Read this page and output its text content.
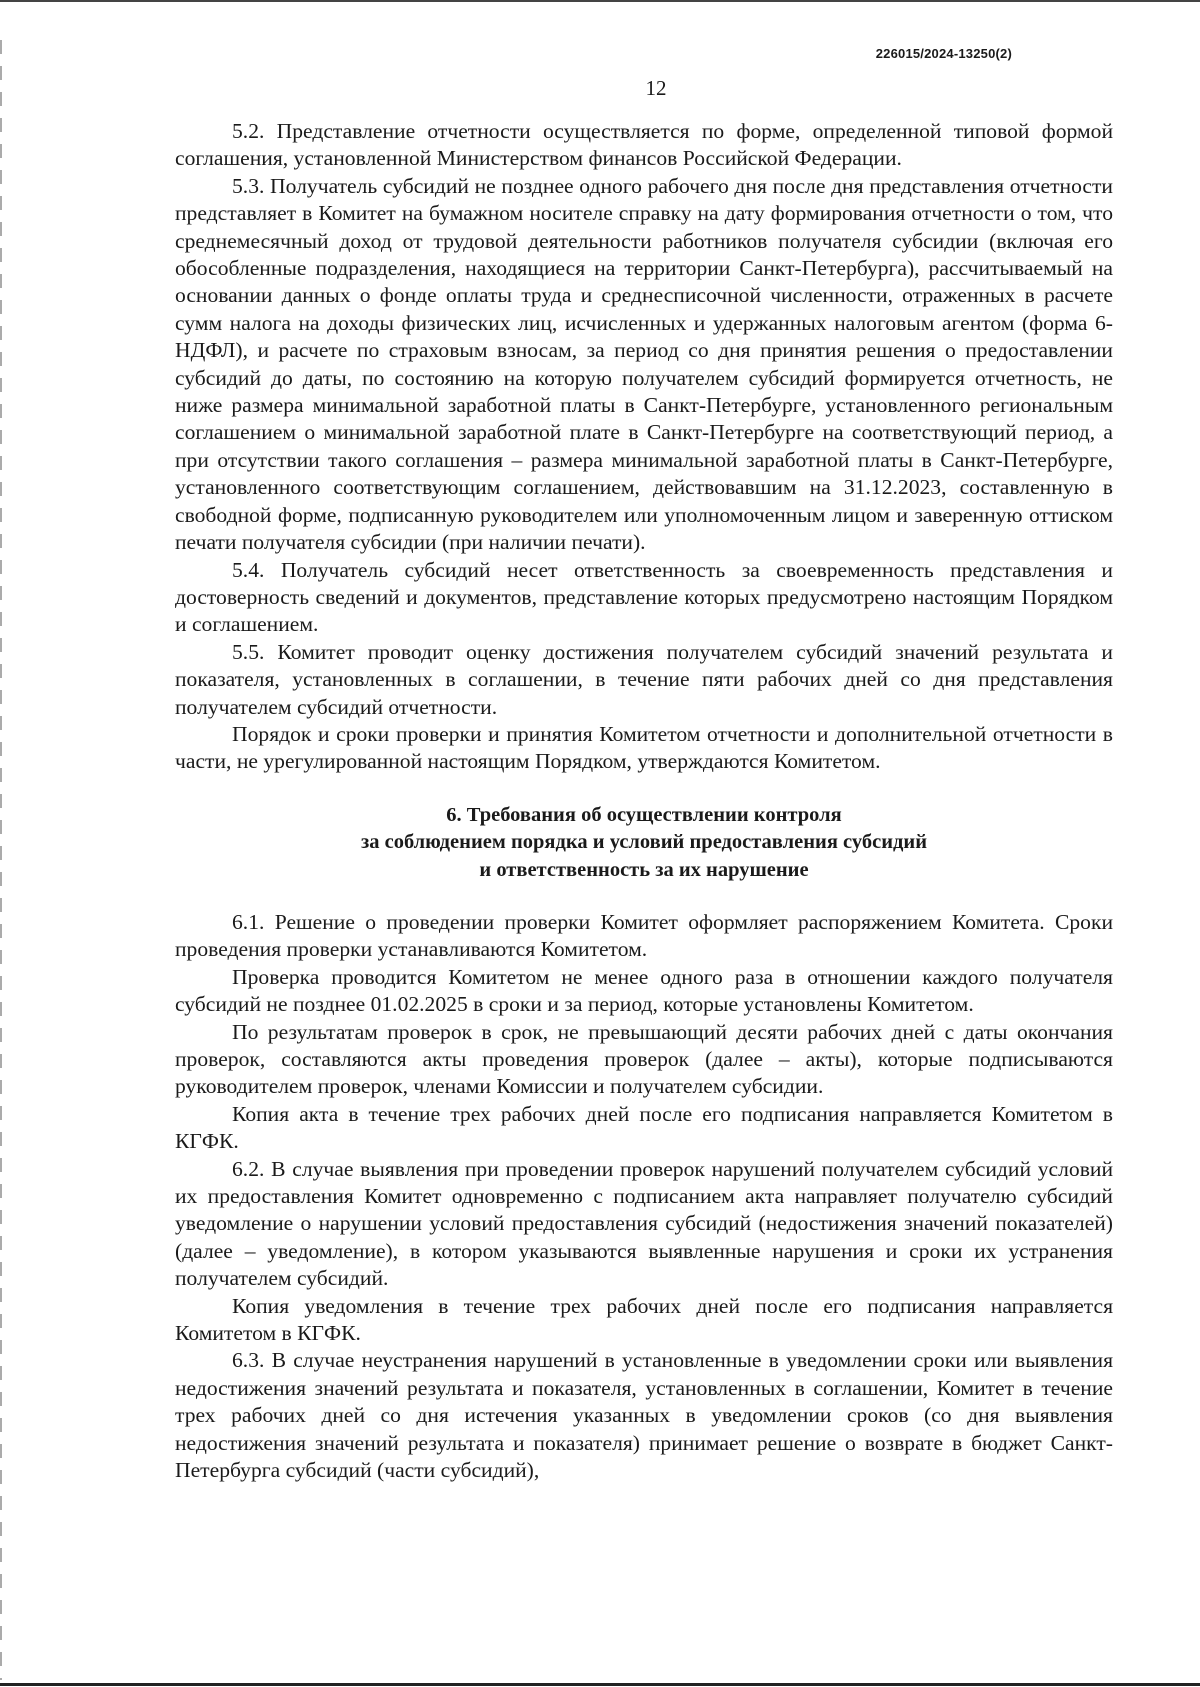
226015/2024-13250(2)
12

5.2. Представление отчетности осуществляется по форме, определенной типовой формой соглашения, установленной Министерством финансов Российской Федерации.

5.3. Получатель субсидий не позднее одного рабочего дня после дня представления отчетности представляет в Комитет на бумажном носителе справку на дату формирования отчетности о том, что среднемесячный доход от трудовой деятельности работников получателя субсидии (включая его обособленные подразделения, находящиеся на территории Санкт-Петербурга), рассчитываемый на основании данных о фонде оплаты труда и среднесписочной численности, отраженных в расчете сумм налога на доходы физических лиц, исчисленных и удержанных налоговым агентом (форма 6-НДФЛ), и расчете по страховым взносам, за период со дня принятия решения о предоставлении субсидий до даты, по состоянию на которую получателем субсидий формируется отчетность, не ниже размера минимальной заработной платы в Санкт-Петербурге, установленного региональным соглашением о минимальной заработной плате в Санкт-Петербурге на соответствующий период, а при отсутствии такого соглашения – размера минимальной заработной платы в Санкт-Петербурге, установленного соответствующим соглашением, действовавшим на 31.12.2023, составленную в свободной форме, подписанную руководителем или уполномоченным лицом и заверенную оттиском печати получателя субсидии (при наличии печати).

5.4. Получатель субсидий несет ответственность за своевременность представления и достоверность сведений и документов, представление которых предусмотрено настоящим Порядком и соглашением.

5.5. Комитет проводит оценку достижения получателем субсидий значений результата и показателя, установленных в соглашении, в течение пяти рабочих дней со дня представления получателем субсидий отчетности.

Порядок и сроки проверки и принятия Комитетом отчетности и дополнительной отчетности в части, не урегулированной настоящим Порядком, утверждаются Комитетом.

6. Требования об осуществлении контроля
за соблюдением порядка и условий предоставления субсидий
и ответственность за их нарушение

6.1. Решение о проведении проверки Комитет оформляет распоряжением Комитета. Сроки проведения проверки устанавливаются Комитетом.

Проверка проводится Комитетом не менее одного раза в отношении каждого получателя субсидий не позднее 01.02.2025 в сроки и за период, которые установлены Комитетом.

По результатам проверок в срок, не превышающий десяти рабочих дней с даты окончания проверок, составляются акты проведения проверок (далее – акты), которые подписываются руководителем проверок, членами Комиссии и получателем субсидии.

Копия акта в течение трех рабочих дней после его подписания направляется Комитетом в КГФК.

6.2. В случае выявления при проведении проверок нарушений получателем субсидий условий их предоставления Комитет одновременно с подписанием акта направляет получателю субсидий уведомление о нарушении условий предоставления субсидий (недостижения значений показателей) (далее – уведомление), в котором указываются выявленные нарушения и сроки их устранения получателем субсидий.

Копия уведомления в течение трех рабочих дней после его подписания направляется Комитетом в КГФК.

6.3. В случае неустранения нарушений в установленные в уведомлении сроки или выявления недостижения значений результата и показателя, установленных в соглашении, Комитет в течение трех рабочих дней со дня истечения указанных в уведомлении сроков (со дня выявления недостижения значений результата и показателя) принимает решение о возврате в бюджет Санкт-Петербурга субсидий (части субсидий),
